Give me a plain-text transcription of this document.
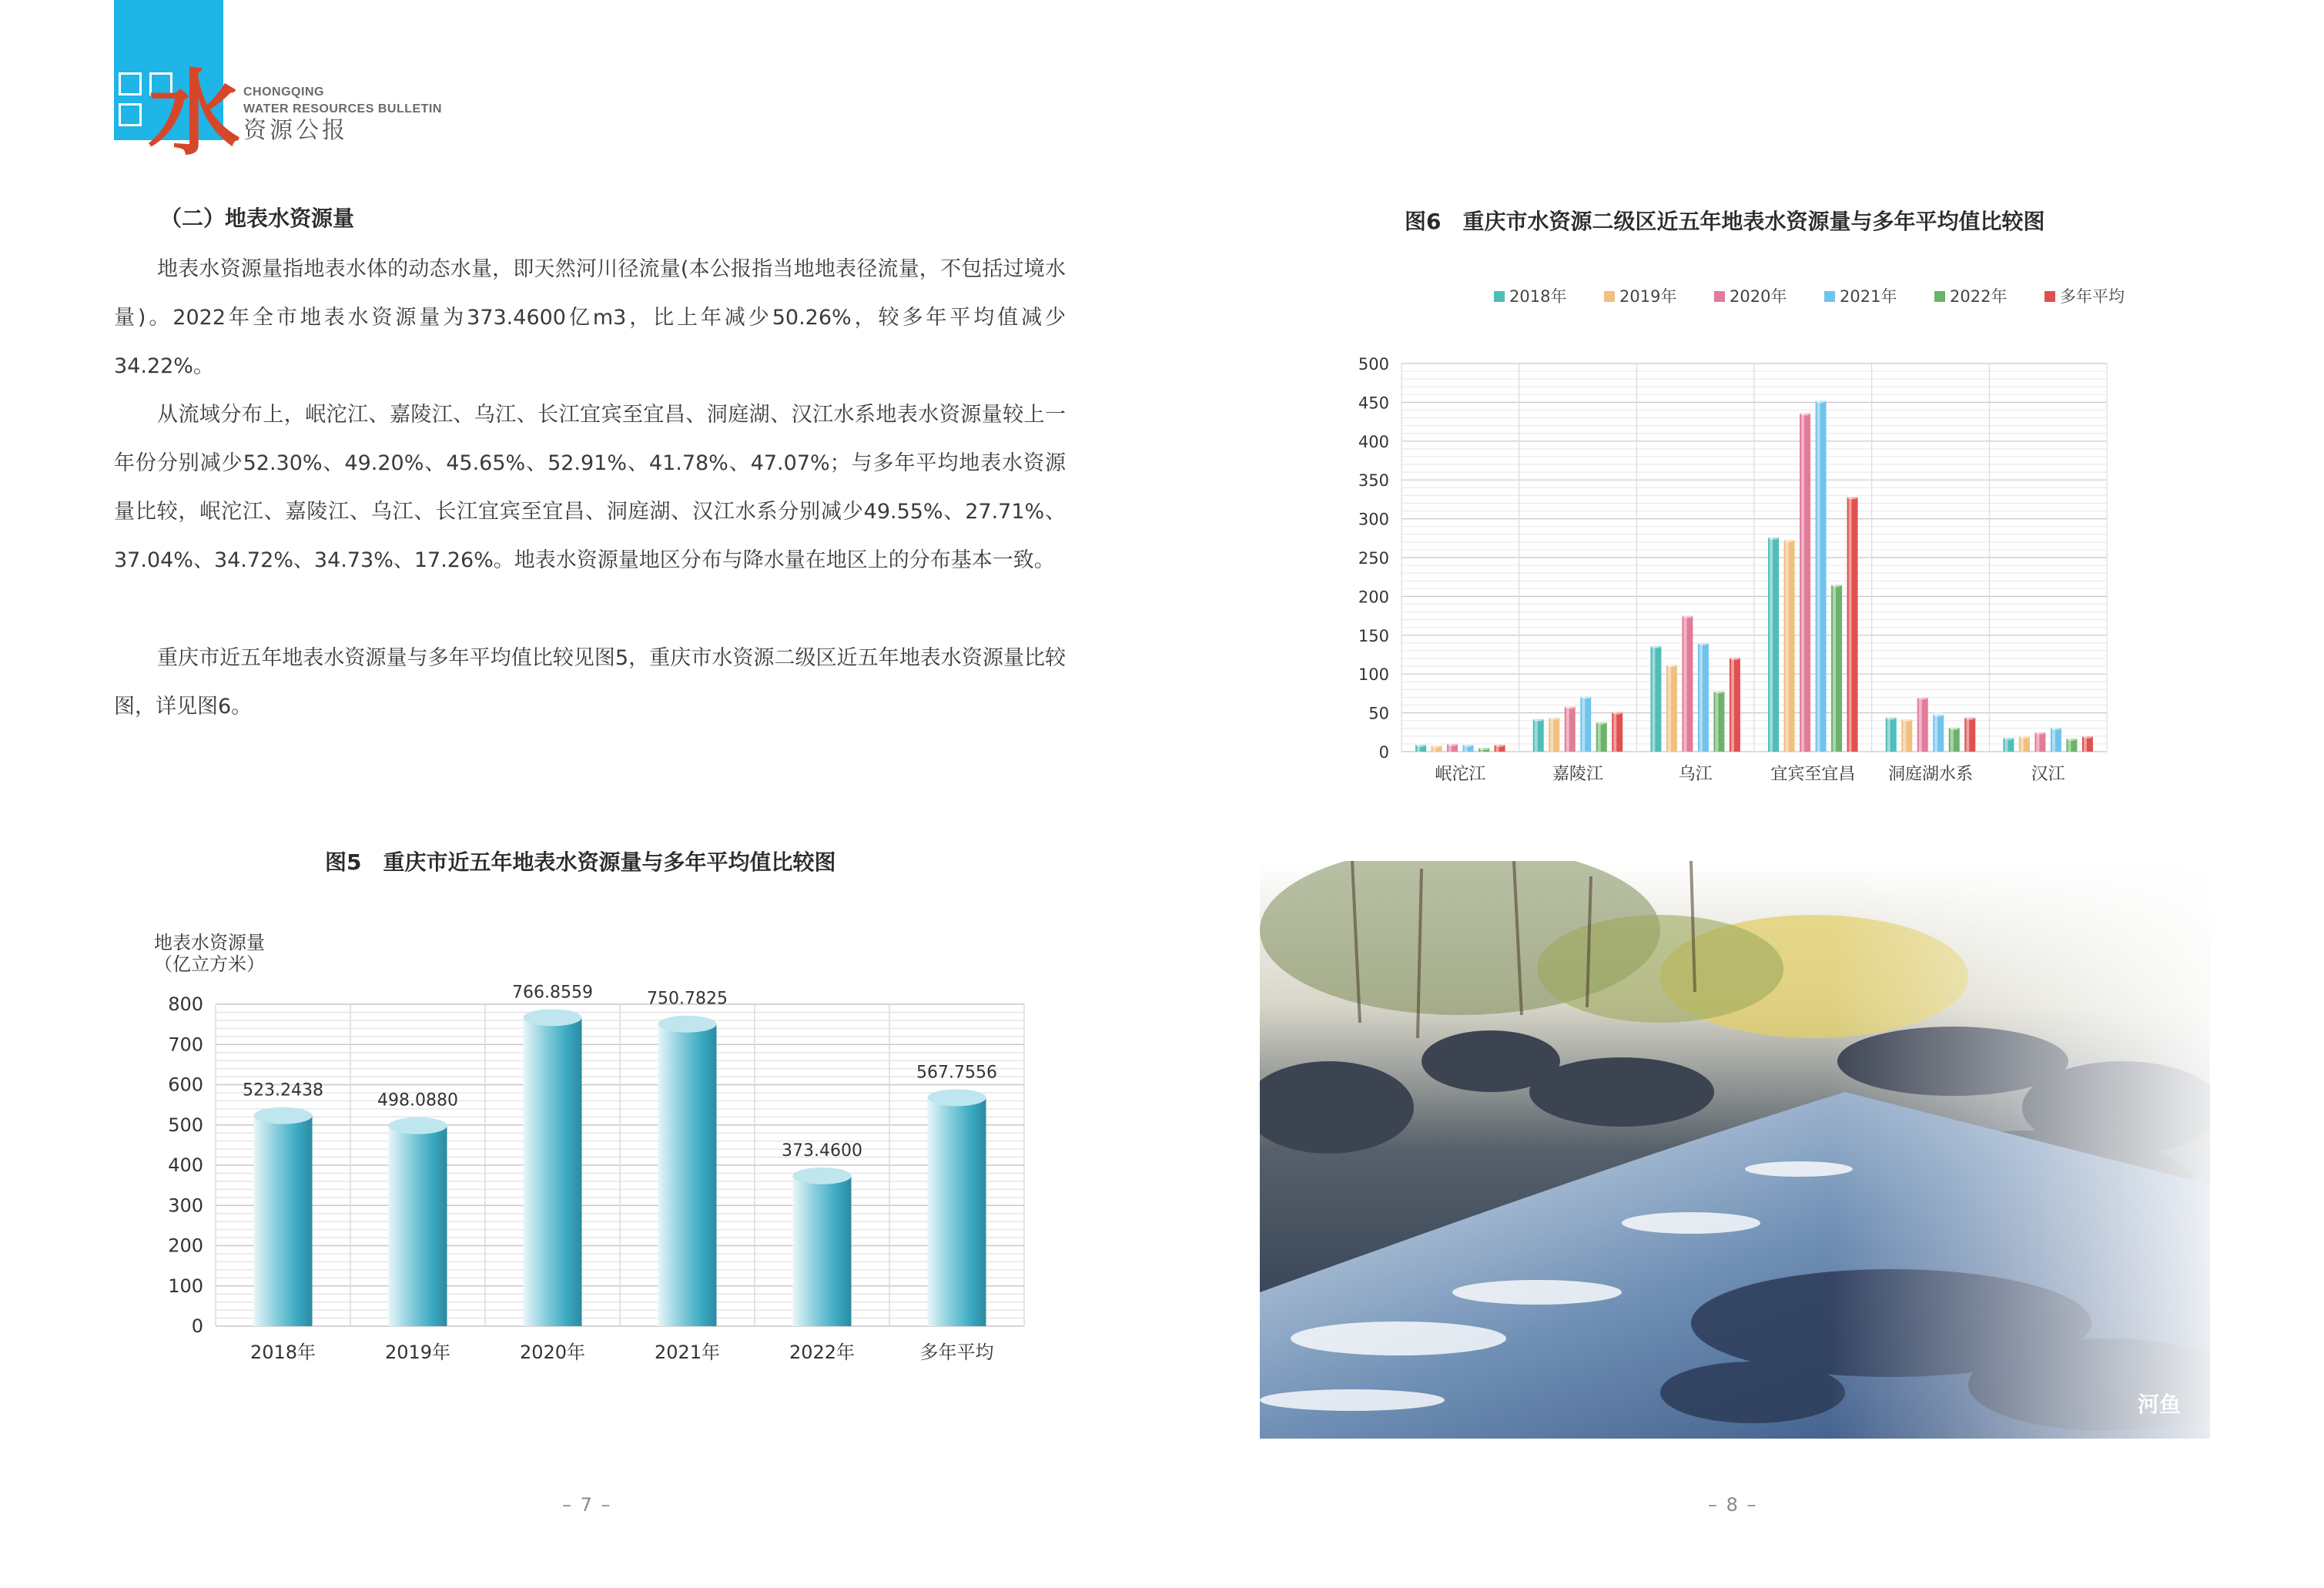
水 CHONGQING
WATER RESOURCES BULLETIN
资源公报
（二）地表水资源量
地表水资源量指地表水体的动态水量，即天然河川径流量(本公报指当地地表径流量，不包括过境水量)。2022年全市地表水资源量为373.4600亿m3，比上年减少50.26%，较多年平均值减少34.22%。
从流域分布上，岷沱江、嘉陵江、乌江、长江宜宾至宜昌、洞庭湖、汉江水系地表水资源量较上一年份分别减少52.30%、49.20%、45.65%、52.91%、41.78%、47.07%；与多年平均地表水资源量比较，岷沱江、嘉陵江、乌江、长江宜宾至宜昌、洞庭湖、汉江水系分别减少49.55%、27.71%、37.04%、34.72%、34.73%、17.26%。地表水资源量地区分布与降水量在地区上的分布基本一致。
重庆市近五年地表水资源量与多年平均值比较见图5，重庆市水资源二级区近五年地表水资源量比较图，详见图6。
图5　重庆市近五年地表水资源量与多年平均值比较图
地表水资源量
（亿立方米）
0
100
200
300
400
500
600
700
800
523.2438
2018年
498.0880
2019年
766.8559
2020年
750.7825
2021年
373.4600
2022年
567.7556
多年平均
图6　重庆市水资源二级区近五年地表水资源量与多年平均值比较图
2018年	2019年	2020年	2021年	2022年	多年平均
0
50
100
150
200
250
300
350
400
450
500
岷沱江	嘉陵江	乌江	宜宾至宜昌 洞庭湖水系	汉江
河鱼
– 7 –	– 8 –
